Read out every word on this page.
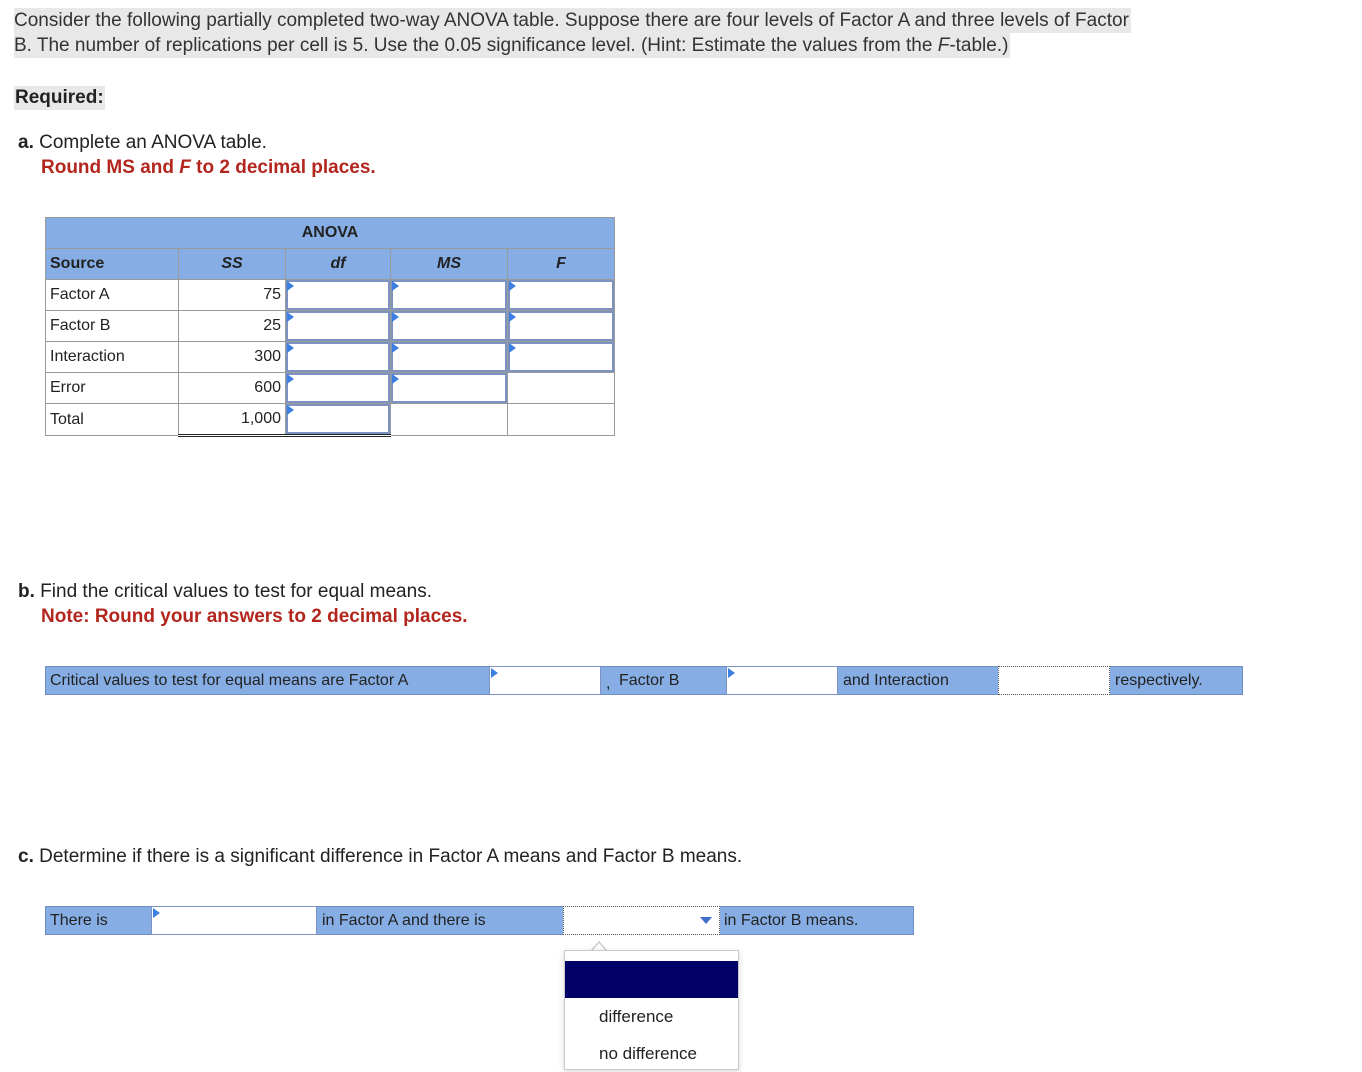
Consider the following partially completed two-way ANOVA table. Suppose there are four levels of Factor A and three levels of Factor
B. The number of replications per cell is 5. Use the 0.05 significance level. (Hint: Estimate the values from the F-table.)
Required:
a. Complete an ANOVA table.
Round MS and F to 2 decimal places.
ANOVA				
Source	SS	df	MS	F
Factor A	75	

Factor B	25	

Interaction	300	

Error	600	

Total	1,000	

b. Find the critical values to test for equal means.
Note: Round your answers to 2 decimal places.
Critical values to test for equal means are Factor A	, Factor B	and Interaction	respectively.
c. Determine if there is a significant difference in Factor A means and Factor B means.
There is	in Factor A and there is	in Factor B means.
difference
no difference
